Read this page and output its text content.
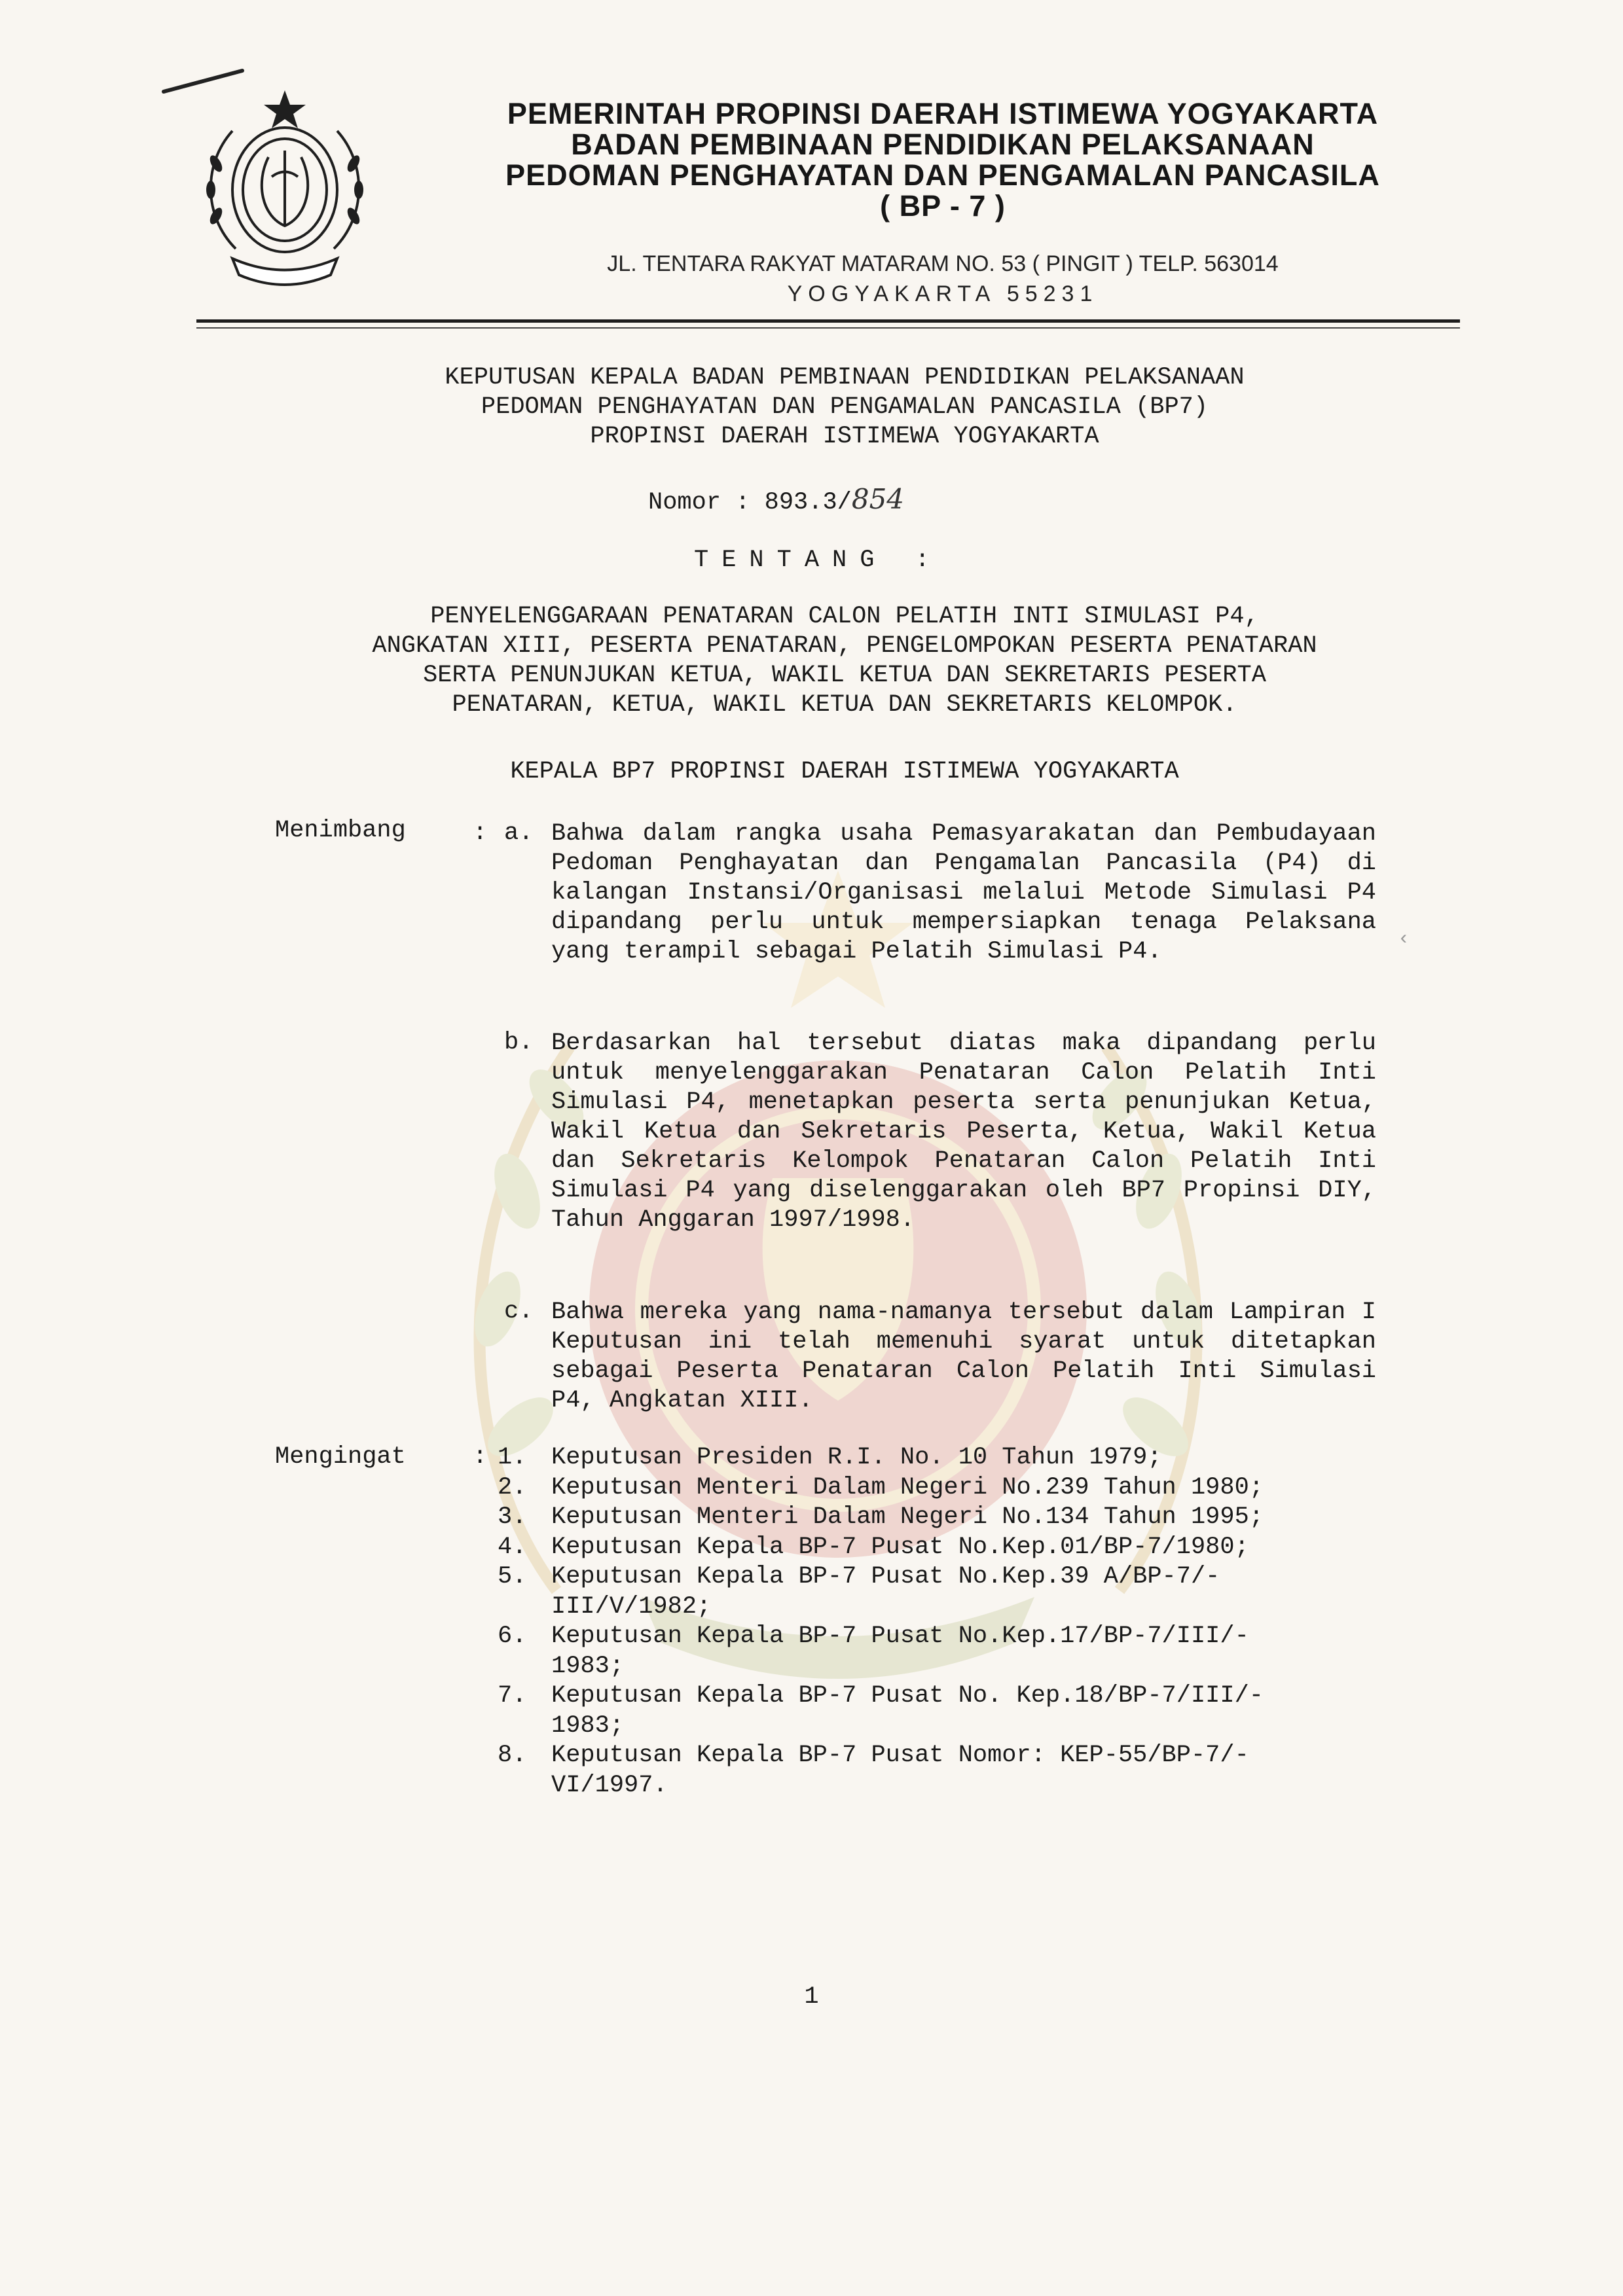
PEMERINTAH PROPINSI DAERAH ISTIMEWA YOGYAKARTA
BADAN PEMBINAAN PENDIDIKAN PELAKSANAAN
PEDOMAN PENGHAYATAN DAN PENGAMALAN PANCASILA
( BP - 7 )
JL. TENTARA RAKYAT MATARAM NO. 53 ( PINGIT ) TELP. 563014
YOGYAKARTA 55231
KEPUTUSAN KEPALA BADAN PEMBINAAN PENDIDIKAN PELAKSANAAN
PEDOMAN PENGHAYATAN DAN PENGAMALAN PANCASILA (BP7)
PROPINSI DAERAH ISTIMEWA YOGYAKARTA
Nomor : 893.3/854
TENTANG :
PENYELENGGARAAN PENATARAN CALON PELATIH INTI SIMULASI P4,
ANGKATAN XIII, PESERTA PENATARAN, PENGELOMPOKAN PESERTA PENATARAN
SERTA PENUNJUKAN KETUA, WAKIL KETUA DAN SEKRETARIS PESERTA
PENATARAN, KETUA, WAKIL KETUA DAN SEKRETARIS KELOMPOK.
KEPALA BP7 PROPINSI DAERAH ISTIMEWA YOGYAKARTA
Menimbang	: a. Bahwa dalam rangka usaha Pemasyarakatan dan Pembudayaan Pedoman Penghayatan dan Pengamalan Pancasila (P4) di kalangan Instansi/Organisasi melalui Metode Simulasi P4 dipandang perlu untuk mempersiapkan tenaga Pelaksana yang terampil sebagai Pelatih Simulasi P4.
b. Berdasarkan hal tersebut diatas maka dipandang perlu untuk menyelenggarakan Penataran Calon Pelatih Inti Simulasi P4, menetapkan peserta serta penunjukan Ketua, Wakil Ketua dan Sekretaris Peserta, Ketua, Wakil Ketua dan Sekretaris Kelompok Penataran Calon Pelatih Inti Simulasi P4 yang diselenggarakan oleh BP7 Propinsi DIY, Tahun Anggaran 1997/1998.
c. Bahwa mereka yang nama-namanya tersebut dalam Lampiran I Keputusan ini telah memenuhi syarat untuk ditetapkan sebagai Peserta Penataran Calon Pelatih Inti Simulasi P4, Angkatan XIII.
‹
Mengingat	: 1.	Keputusan Presiden R.I. No. 10 Tahun 1979;
2.	Keputusan Menteri Dalam Negeri No.239 Tahun 1980;
3.	Keputusan Menteri Dalam Negeri No.134 Tahun 1995;
4.	Keputusan Kepala BP-7 Pusat No.Kep.01/BP-7/1980;
5.	Keputusan Kepala BP-7 Pusat No.Kep.39 A/BP-7/-
III/V/1982;
6.	Keputusan Kepala BP-7 Pusat No.Kep.17/BP-7/III/-
1983;
7.	Keputusan Kepala BP-7 Pusat No. Kep.18/BP-7/III/-
1983;
8.	Keputusan Kepala BP-7 Pusat Nomor: KEP-55/BP-7/-
VI/1997.
1
